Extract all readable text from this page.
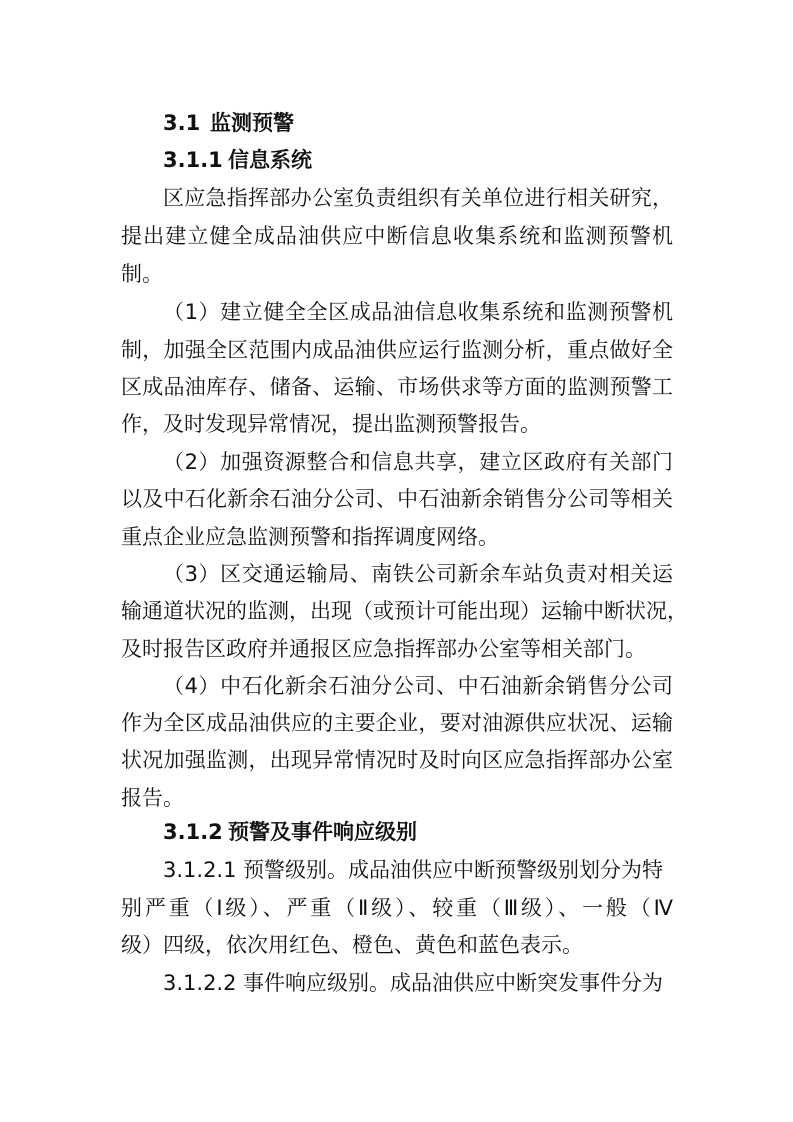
3.1 监测预警
3.1.1 信息系统
区应急指挥部办公室负责组织有关单位进行相关研究，
提出建立健全成品油供应中断信息收集系统和监测预警机
制。
（1）建立健全全区成品油信息收集系统和监测预警机
制，加强全区范围内成品油供应运行监测分析，重点做好全
区成品油库存、储备、运输、市场供求等方面的监测预警工
作，及时发现异常情况，提出监测预警报告。
（2）加强资源整合和信息共享，建立区政府有关部门
以及中石化新余石油分公司、中石油新余销售分公司等相关
重点企业应急监测预警和指挥调度网络。
（3）区交通运输局、南铁公司新余车站负责对相关运
输通道状况的监测，出现（或预计可能出现）运输中断状况，
及时报告区政府并通报区应急指挥部办公室等相关部门。
（4）中石化新余石油分公司、中石油新余销售分公司
作为全区成品油供应的主要企业，要对油源供应状况、运输
状况加强监测，出现异常情况时及时向区应急指挥部办公室
报告。
3.1.2 预警及事件响应级别
3.1.2.1 预警级别。成品油供应中断预警级别划分为特
别严重（Ⅰ级）、严重（Ⅱ级）、较重（Ⅲ级）、一般（Ⅳ
级）四级，依次用红色、橙色、黄色和蓝色表示。
3.1.2.2 事件响应级别。成品油供应中断突发事件分为
